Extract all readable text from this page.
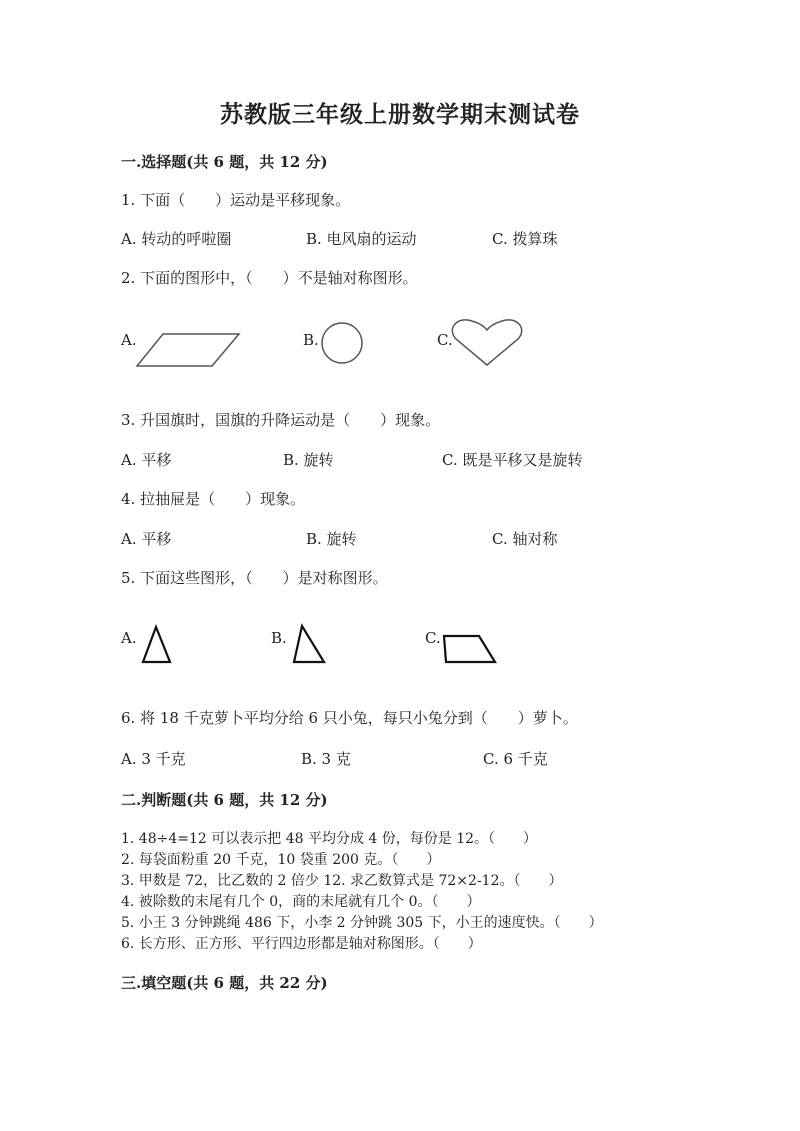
苏教版三年级上册数学期末测试卷
一.选择题(共 6 题，共 12 分)
1. 下面（　　）运动是平移现象。
A. 转动的呼啦圈	B. 电风扇的运动	C. 拨算珠
2. 下面的图形中，（　　）不是轴对称图形。
A.	B.	C.
3. 升国旗时，国旗的升降运动是（　　）现象。
A. 平移	B. 旋转	C. 既是平移又是旋转
4. 拉抽屉是（　　）现象。
A. 平移	B. 旋转	C. 轴对称
5. 下面这些图形，（　　）是对称图形。
A.	B.	C.
6. 将 18 千克萝卜平均分给 6 只小兔，每只小兔分到（　　）萝卜。
A. 3 千克	B. 3 克	C. 6 千克
二.判断题(共 6 题，共 12 分)
1. 48÷4=12 可以表示把 48 平均分成 4 份，每份是 12。（　　）
2. 每袋面粉重 20 千克，10 袋重 200 克。（　　）
3. 甲数是 72，比乙数的 2 倍少 12. 求乙数算式是 72×2-12。（　　）
4. 被除数的末尾有几个 0，商的末尾就有几个 0。（　　）
5. 小王 3 分钟跳绳 486 下，小李 2 分钟跳 305 下，小王的速度快。（　　）
6. 长方形、正方形、平行四边形都是轴对称图形。（　　）
三.填空题(共 6 题，共 22 分)
